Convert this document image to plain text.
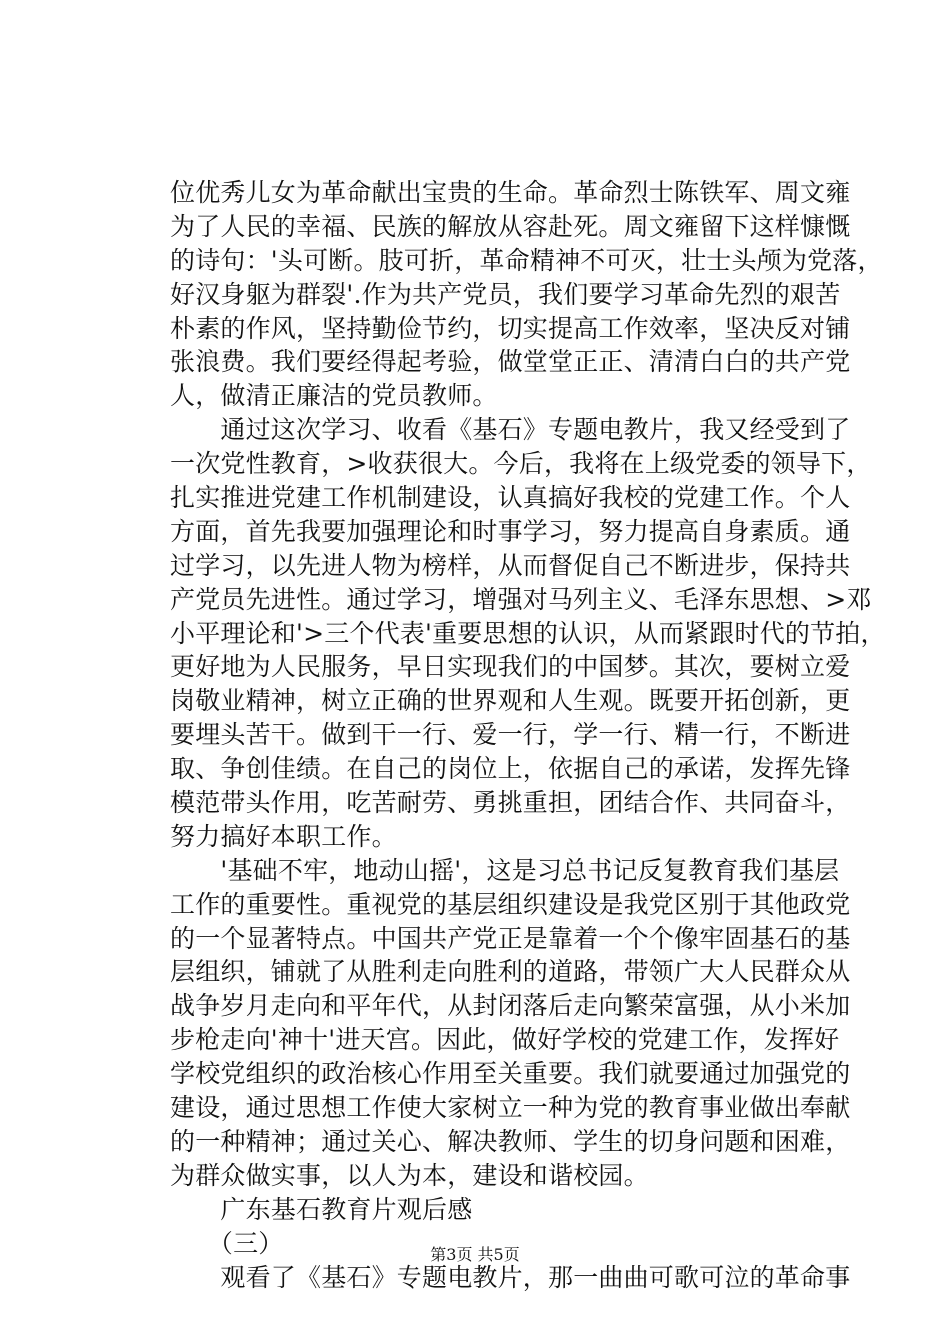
位优秀儿女为革命献出宝贵的生命。革命烈士陈铁军、周文雍
为了人民的幸福、民族的解放从容赴死。周文雍留下这样慷慨
的诗句：'头可断。肢可折，革命精神不可灭，壮士头颅为党落，
好汉身躯为群裂'.作为共产党员，我们要学习革命先烈的艰苦
朴素的作风，坚持勤俭节约，切实提高工作效率，坚决反对铺
张浪费。我们要经得起考验，做堂堂正正、清清白白的共产党
人，做清正廉洁的党员教师。
　　通过这次学习、收看《基石》专题电教片，我又经受到了
一次党性教育，>收获很大。今后，我将在上级党委的领导下，
扎实推进党建工作机制建设，认真搞好我校的党建工作。个人
方面，首先我要加强理论和时事学习，努力提高自身素质。通
过学习，以先进人物为榜样，从而督促自己不断进步，保持共
产党员先进性。通过学习，增强对马列主义、毛泽东思想、>邓
小平理论和'>三个代表'重要思想的认识，从而紧跟时代的节拍，
更好地为人民服务，早日实现我们的中国梦。其次，要树立爱
岗敬业精神，树立正确的世界观和人生观。既要开拓创新，更
要埋头苦干。做到干一行、爱一行，学一行、精一行，不断进
取、争创佳绩。在自己的岗位上，依据自己的承诺，发挥先锋
模范带头作用，吃苦耐劳、勇挑重担，团结合作、共同奋斗，
努力搞好本职工作。
　　'基础不牢，地动山摇'，这是习总书记反复教育我们基层
工作的重要性。重视党的基层组织建设是我党区别于其他政党
的一个显著特点。中国共产党正是靠着一个个像牢固基石的基
层组织，铺就了从胜利走向胜利的道路，带领广大人民群众从
战争岁月走向和平年代，从封闭落后走向繁荣富强，从小米加
步枪走向'神十'进天宫。因此，做好学校的党建工作，发挥好
学校党组织的政治核心作用至关重要。我们就要通过加强党的
建设，通过思想工作使大家树立一种为党的教育事业做出奉献
的一种精神；通过关心、解决教师、学生的切身问题和困难，
为群众做实事，以人为本，建设和谐校园。
　　广东基石教育片观后感
　　（三）
　　观看了《基石》专题电教片，那一曲曲可歌可泣的革命事
第3页 共5页
